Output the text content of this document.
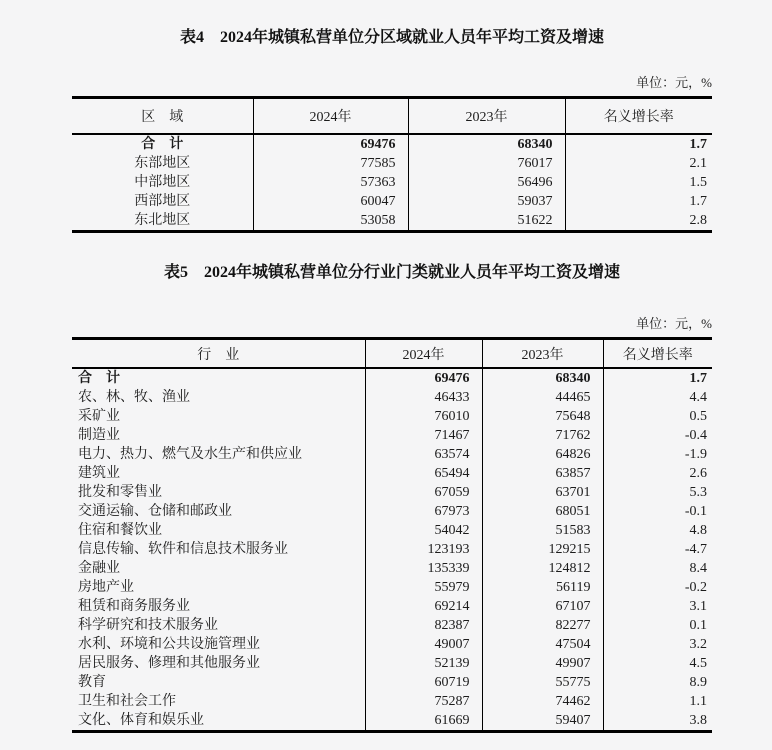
表4　2024年城镇私营单位分区域就业人员年平均工资及增速
单位：元，%
区　域	2024年	2023年	名义增长率
合　计	69476	68340	1.7
东部地区	77585	76017	2.1
中部地区	57363	56496	1.5
西部地区	60047	59037	1.7
东北地区	53058	51622	2.8
表5　2024年城镇私营单位分行业门类就业人员年平均工资及增速
单位：元，%
行　业	2024年	2023年	名义增长率
合　计	69476	68340	1.7
农、林、牧、渔业	46433	44465	4.4
采矿业	76010	75648	0.5
制造业	71467	71762	-0.4
电力、热力、燃气及水生产和供应业	63574	64826	-1.9
建筑业	65494	63857	2.6
批发和零售业	67059	63701	5.3
交通运输、仓储和邮政业	67973	68051	-0.1
住宿和餐饮业	54042	51583	4.8
信息传输、软件和信息技术服务业	123193	129215	-4.7
金融业	135339	124812	8.4
房地产业	55979	56119	-0.2
租赁和商务服务业	69214	67107	3.1
科学研究和技术服务业	82387	82277	0.1
水利、环境和公共设施管理业	49007	47504	3.2
居民服务、修理和其他服务业	52139	49907	4.5
教育	60719	55775	8.9
卫生和社会工作	75287	74462	1.1
文化、体育和娱乐业	61669	59407	3.8
